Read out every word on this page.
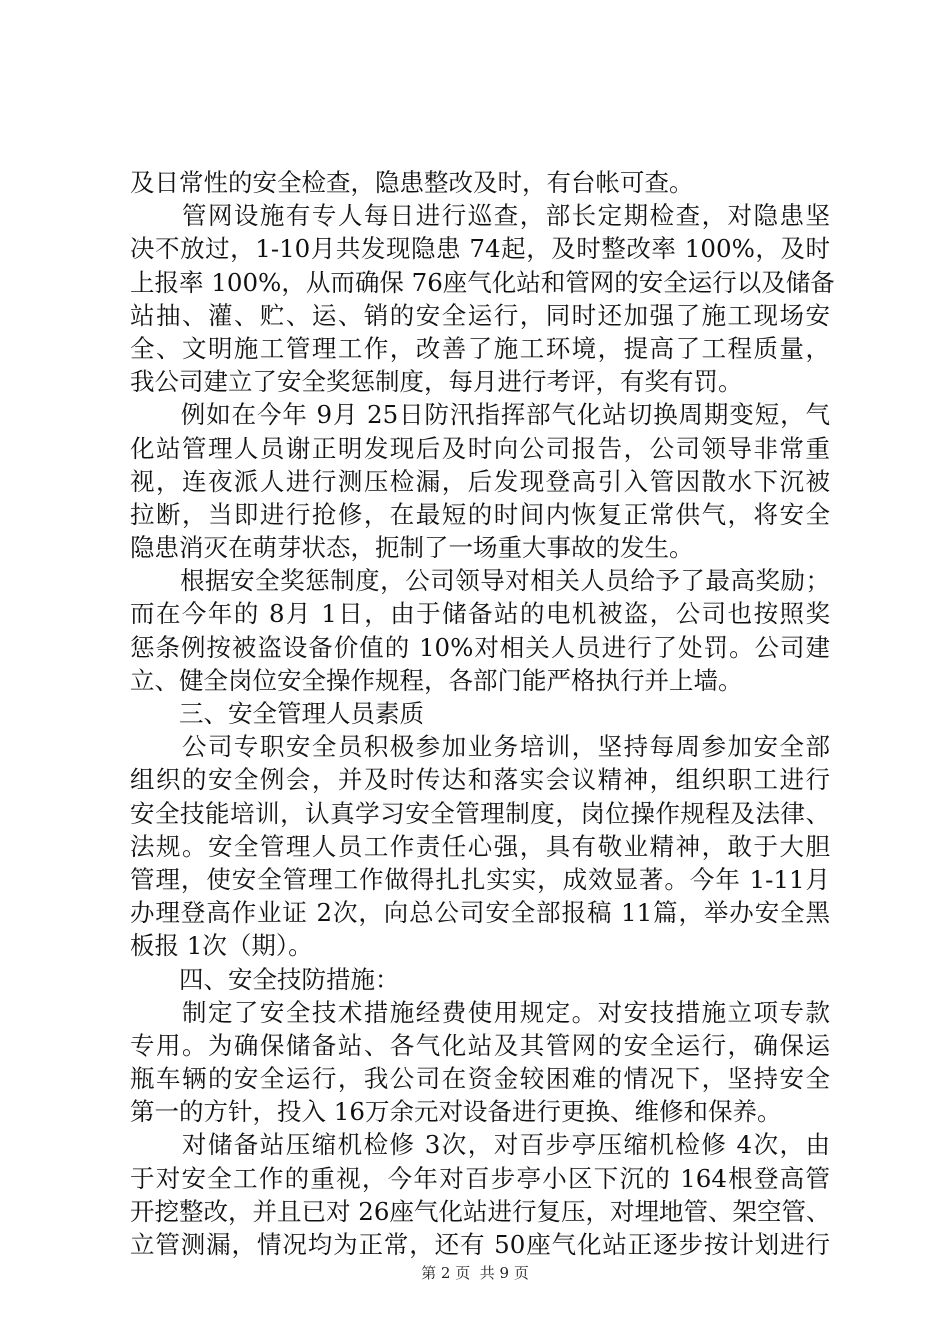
及日常性的安全检查，隐患整改及时，有台帐可查。
　　管网设施有专人每日进行巡查，部长定期检查，对隐患坚
决不放过，1-10月共发现隐患 74起，及时整改率 100%，及时
上报率 100%，从而确保 76座气化站和管网的安全运行以及储备
站抽、灌、贮、运、销的安全运行，同时还加强了施工现场安
全、文明施工管理工作，改善了施工环境，提高了工程质量，
我公司建立了安全奖惩制度，每月进行考评，有奖有罚。
　　例如在今年 9月 25日防汛指挥部气化站切换周期变短，气
化站管理人员谢正明发现后及时向公司报告，公司领导非常重
视，连夜派人进行测压检漏，后发现登高引入管因散水下沉被
拉断，当即进行抢修，在最短的时间内恢复正常供气，将安全
隐患消灭在萌芽状态，扼制了一场重大事故的发生。
　　根据安全奖惩制度，公司领导对相关人员给予了最高奖励；
而在今年的 8月 1日，由于储备站的电机被盗，公司也按照奖
惩条例按被盗设备价值的 10%对相关人员进行了处罚。公司建
立、健全岗位安全操作规程，各部门能严格执行并上墙。
　　三、安全管理人员素质
　　公司专职安全员积极参加业务培训，坚持每周参加安全部
组织的安全例会，并及时传达和落实会议精神，组织职工进行
安全技能培训，认真学习安全管理制度，岗位操作规程及法律、
法规。安全管理人员工作责任心强，具有敬业精神，敢于大胆
管理，使安全管理工作做得扎扎实实，成效显著。今年 1-11月
办理登高作业证 2次，向总公司安全部报稿 11篇，举办安全黑
板报 1次（期）。
　　四、安全技防措施：
　　制定了安全技术措施经费使用规定。对安技措施立项专款
专用。为确保储备站、各气化站及其管网的安全运行，确保运
瓶车辆的安全运行，我公司在资金较困难的情况下，坚持安全
第一的方针，投入 16万余元对设备进行更换、维修和保养。
　　对储备站压缩机检修 3次，对百步亭压缩机检修 4次，由
于对安全工作的重视，今年对百步亭小区下沉的 164根登高管
开挖整改，并且已对 26座气化站进行复压，对埋地管、架空管、
立管测漏，情况均为正常，还有 50座气化站正逐步按计划进行
第 2 页  共 9 页
